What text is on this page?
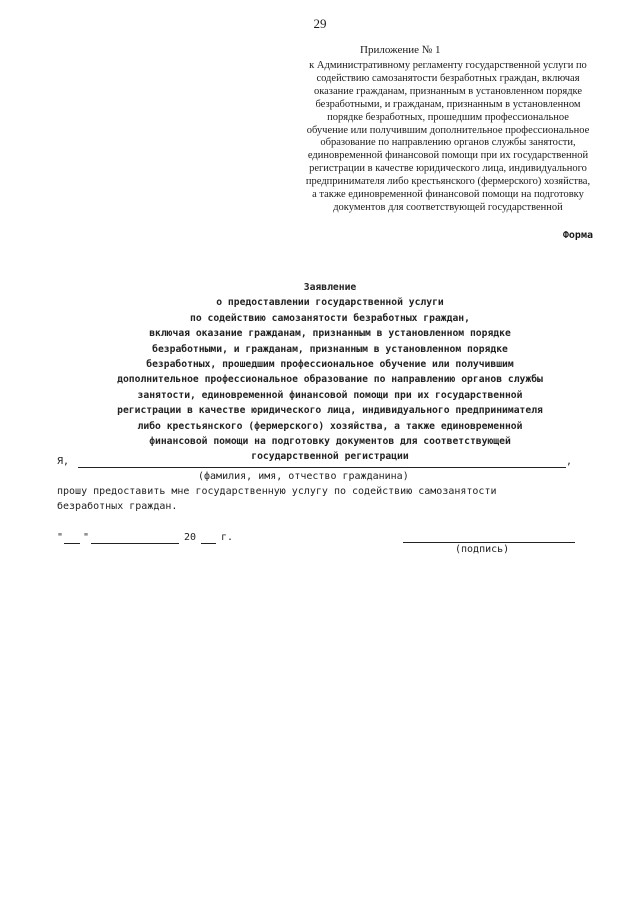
29
Приложение № 1
к Административному регламенту государственной услуги по
содействию самозанятости безработных граждан, включая
оказание гражданам, признанным в установленном порядке
безработными, и гражданам, признанным в установленном
порядке безработных, прошедшим профессиональное
обучение или получившим дополнительное профессиональное
образование по направлению органов службы занятости,
единовременной финансовой помощи при их государственной
регистрации в качестве юридического лица, индивидуального
предпринимателя либо крестьянского (фермерского) хозяйства,
а также единовременной финансовой помощи на подготовку
документов для соответствующей государственной
Форма
Заявление
о предоставлении государственной услуги
по содействию самозанятости безработных граждан,
включая оказание гражданам, признанным в установленном порядке
безработными, и гражданам, признанным в установленном порядке
безработных, прошедшим профессиональное обучение или получившим
дополнительное профессиональное образование по направлению органов службы
занятости, единовременной финансовой помощи при их государственной
регистрации в качестве юридического лица, индивидуального предпринимателя
либо крестьянского (фермерского) хозяйства, а также единовременной
финансовой помощи на подготовку документов для соответствующей
государственной регистрации
Я,	,
(фамилия, имя, отчество гражданина)
прошу предоставить мне государственную услугу по содействию самозанятости
безработных граждан.
" "	20 г.
(подпись)
